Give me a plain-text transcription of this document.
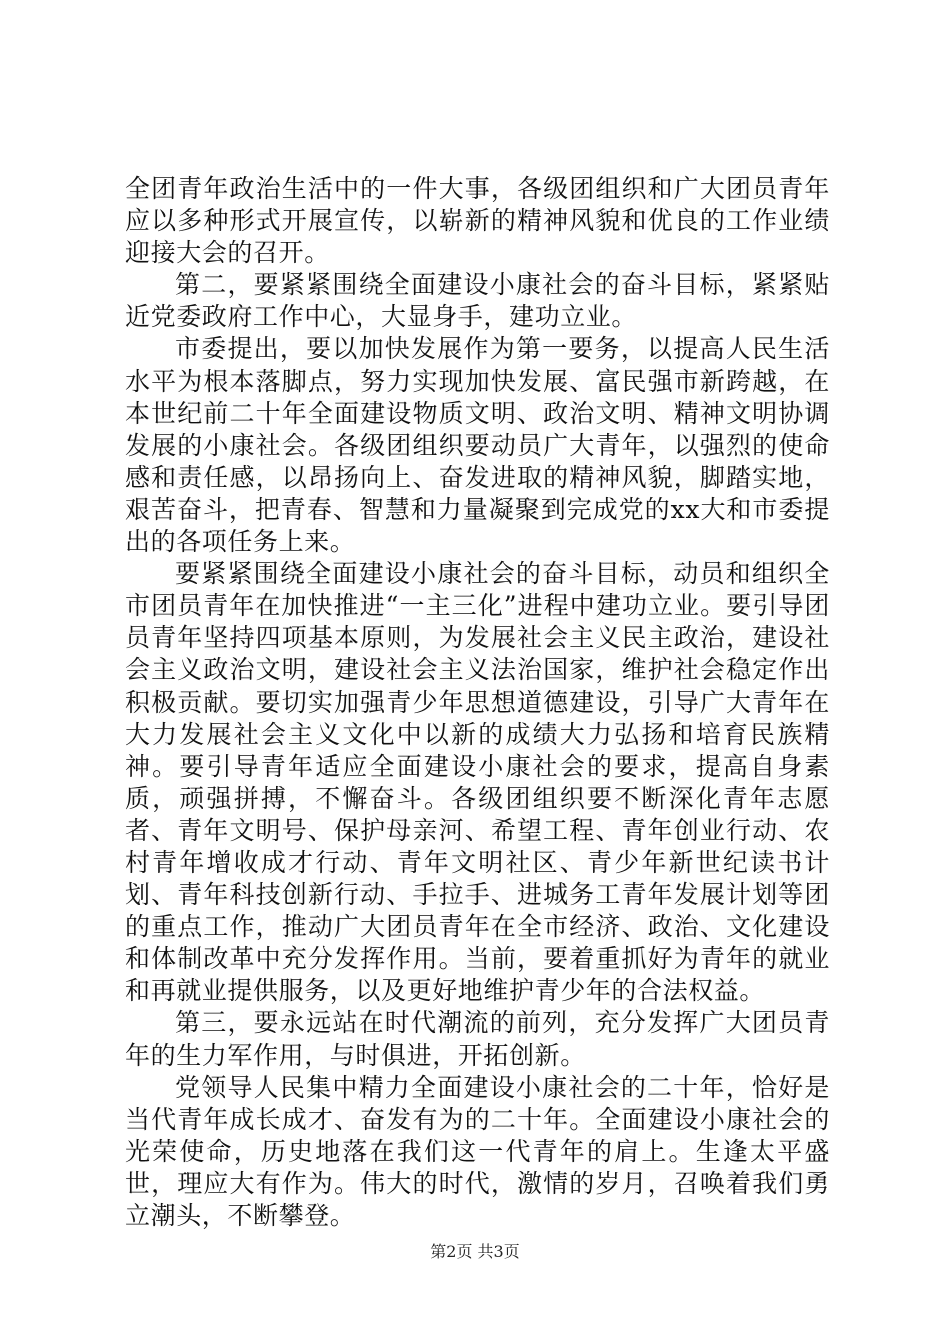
全团青年政治生活中的一件大事，各级团组织和广大团员青年应以多种形式开展宣传，以崭新的精神风貌和优良的工作业绩迎接大会的召开。

第二，要紧紧围绕全面建设小康社会的奋斗目标，紧紧贴近党委政府工作中心，大显身手，建功立业。

市委提出，要以加快发展作为第一要务，以提高人民生活水平为根本落脚点，努力实现加快发展、富民强市新跨越，在本世纪前二十年全面建设物质文明、政治文明、精神文明协调发展的小康社会。各级团组织要动员广大青年，以强烈的使命感和责任感，以昂扬向上、奋发进取的精神风貌，脚踏实地，艰苦奋斗，把青春、智慧和力量凝聚到完成党的xx大和市委提出的各项任务上来。

要紧紧围绕全面建设小康社会的奋斗目标，动员和组织全市团员青年在加快推进“一主三化”进程中建功立业。要引导团员青年坚持四项基本原则，为发展社会主义民主政治，建设社会主义政治文明，建设社会主义法治国家，维护社会稳定作出积极贡献。要切实加强青少年思想道德建设，引导广大青年在大力发展社会主义文化中以新的成绩大力弘扬和培育民族精神。要引导青年适应全面建设小康社会的要求，提高自身素质，顽强拼搏，不懈奋斗。各级团组织要不断深化青年志愿者、青年文明号、保护母亲河、希望工程、青年创业行动、农村青年增收成才行动、青年文明社区、青少年新世纪读书计划、青年科技创新行动、手拉手、进城务工青年发展计划等团的重点工作，推动广大团员青年在全市经济、政治、文化建设和体制改革中充分发挥作用。当前，要着重抓好为青年的就业和再就业提供服务，以及更好地维护青少年的合法权益。

第三，要永远站在时代潮流的前列，充分发挥广大团员青年的生力军作用，与时俱进，开拓创新。

党领导人民集中精力全面建设小康社会的二十年，恰好是当代青年成长成才、奋发有为的二十年。全面建设小康社会的光荣使命，历史地落在我们这一代青年的肩上。生逢太平盛世，理应大有作为。伟大的时代，激情的岁月，召唤着我们勇立潮头，不断攀登。

第2页 共3页
